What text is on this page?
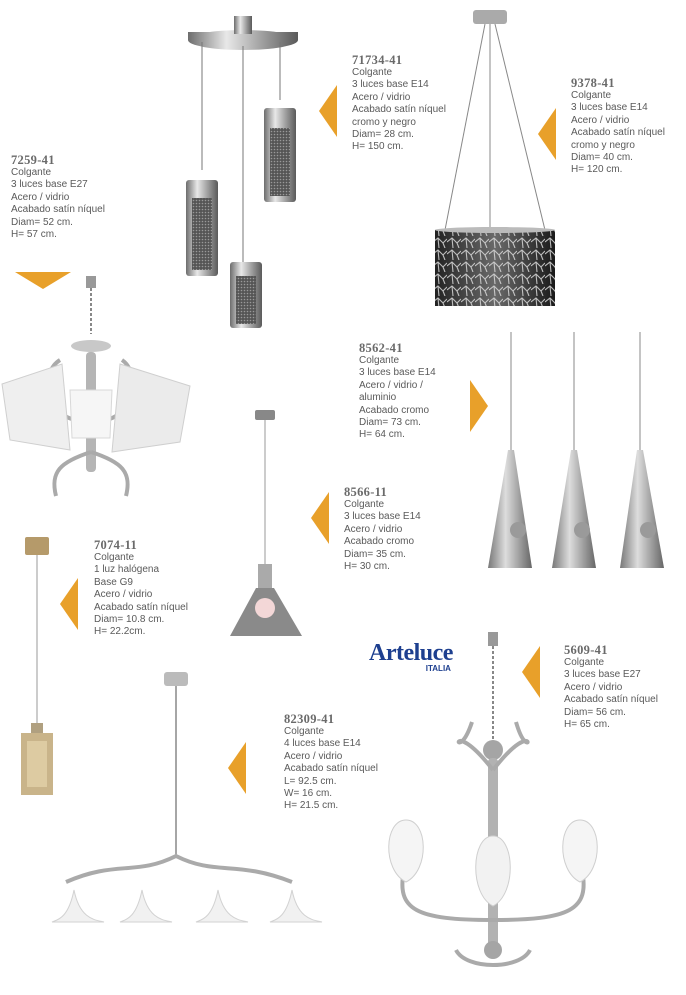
Arteluce
ITALIA
71734-41
Colgante
3 luces base E14
Acero / vidrio
Acabado satín níquel
cromo y negro
Diam= 28 cm.
H= 150 cm.
9378-41
Colgante
3 luces base E14
Acero / vidrio
Acabado satín níquel
cromo y negro
Diam= 40 cm.
H= 120 cm.
7259-41
Colgante
3 luces base E27
Acero / vidrio
Acabado satín níquel
Diam= 52 cm.
H= 57 cm.
8562-41
Colgante
3 luces base E14
Acero / vidrio /
aluminio
Acabado cromo
Diam= 73 cm.
H= 64 cm.
8566-11
Colgante
3 luces base E14
Acero / vidrio
Acabado cromo
Diam= 35 cm.
H= 30 cm.
7074-11
Colgante
1 luz halógena
Base G9
Acero / vidrio
Acabado satín níquel
Diam= 10.8 cm.
H= 22.2cm.
5609-41
Colgante
3 luces base E27
Acero / vidrio
Acabado satín níquel
Diam= 56 cm.
H= 65 cm.
82309-41
Colgante
4 luces base E14
Acero / vidrio
Acabado satín níquel
L= 92.5 cm.
W= 16 cm.
H= 21.5 cm.
